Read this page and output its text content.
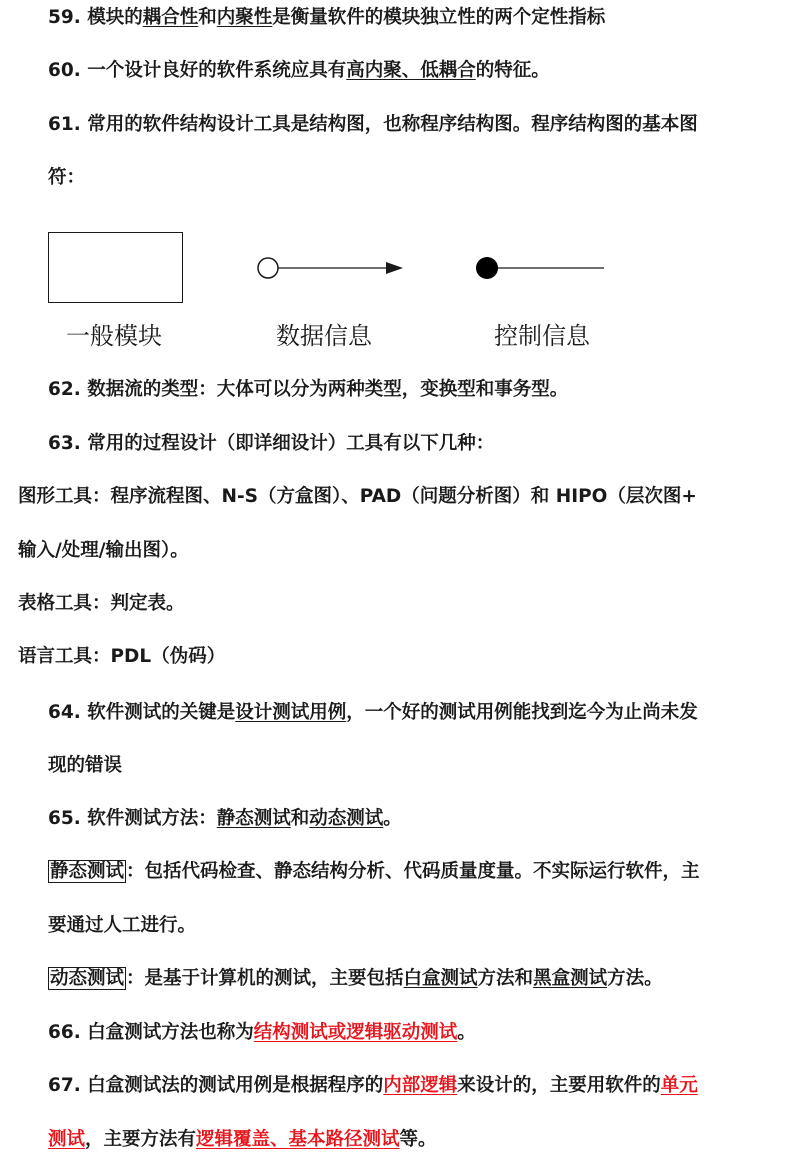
59. 模块的耦合性和内聚性是衡量软件的模块独立性的两个定性指标
60. 一个设计良好的软件系统应具有高内聚、低耦合的特征。
61. 常用的软件结构设计工具是结构图，也称程序结构图。程序结构图的基本图
符：
一般模块	数据信息	控制信息
62. 数据流的类型：大体可以分为两种类型，变换型和事务型。
63. 常用的过程设计（即详细设计）工具有以下几种：
图形工具：程序流程图、N-S（方盒图）、PAD（问题分析图）和 HIPO（层次图+
输入/处理/输出图）。
表格工具：判定表。
语言工具：PDL（伪码）
64. 软件测试的关键是设计测试用例，一个好的测试用例能找到迄今为止尚未发
现的错误
65. 软件测试方法：静态测试和动态测试。
静态测试 ：包括代码检查、静态结构分析、代码质量度量。不实际运行软件，主
要通过人工进行。
动态测试 ：是基于计算机的测试，主要包括白盒测试方法和黑盒测试方法。
66. 白盒测试方法也称为结构测试或逻辑驱动测试。
67. 白盒测试法的测试用例是根据程序的内部逻辑来设计的，主要用软件的单元
测试，主要方法有逻辑覆盖、基本路径测试等。
